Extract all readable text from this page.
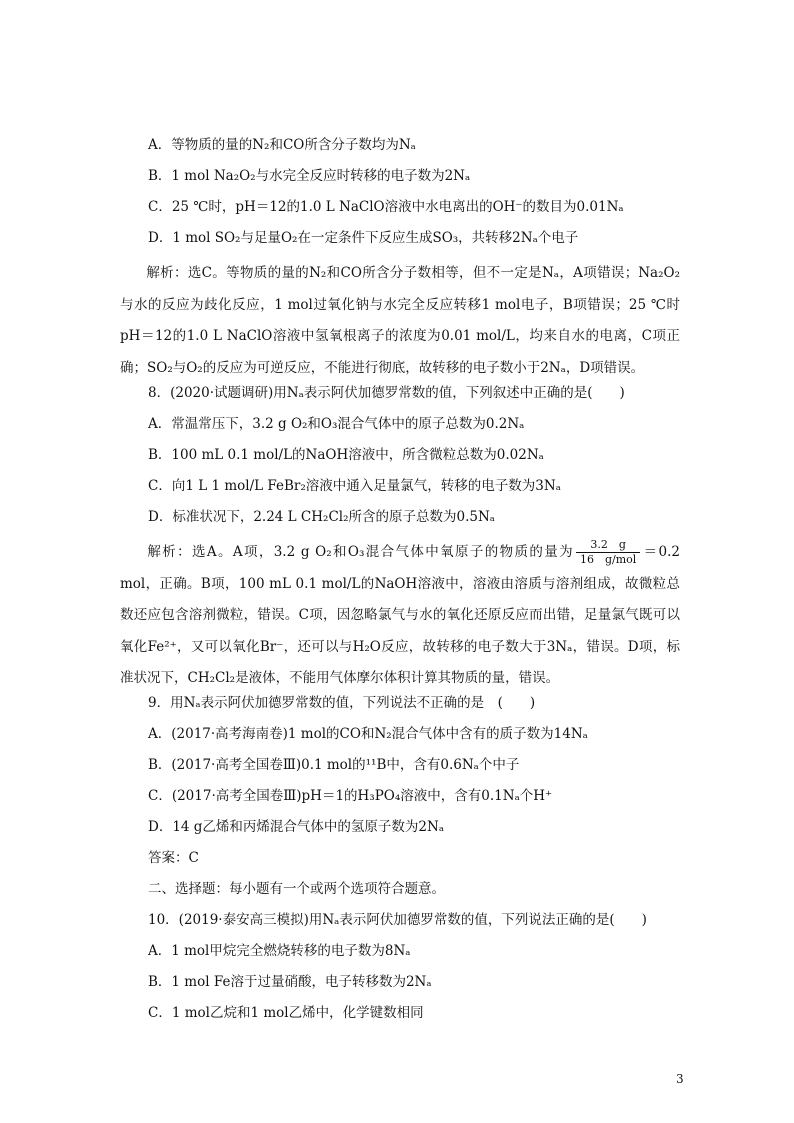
A．等物质的量的N₂和CO所含分子数均为Nₐ
B．1 mol Na₂O₂与水完全反应时转移的电子数为2Nₐ
C．25 ℃时，pH＝12的1.0 L NaClO溶液中水电离出的OH⁻的数目为0.01Nₐ
D．1 mol SO₂与足量O₂在一定条件下反应生成SO₃，共转移2Nₐ个电子
解析：选C。等物质的量的N₂和CO所含分子数相等，但不一定是Nₐ，A项错误；Na₂O₂与水的反应为歧化反应，1 mol过氧化钠与水完全反应转移1 mol电子，B项错误；25 ℃时pH＝12的1.0 L NaClO溶液中氢氧根离子的浓度为0.01 mol/L，均来自水的电离，C项正确；SO₂与O₂的反应为可逆反应，不能进行彻底，故转移的电子数小于2Nₐ，D项错误。
8．(2020·试题调研)用Nₐ表示阿伏加德罗常数的值，下列叙述中正确的是(　　)
A．常温常压下，3.2 g O₂和O₃混合气体中的原子总数为0.2Nₐ
B．100 mL 0.1 mol/L的NaOH溶液中，所含微粒总数为0.02Nₐ
C．向1 L 1 mol/L FeBr₂溶液中通入足量氯气，转移的电子数为3Nₐ
D．标准状况下，2.24 L CH₂Cl₂所含的原子总数为0.5Nₐ
解析：选A。A项，3.2 g O₂和O₃混合气体中氧原子的物质的量为 $\frac{3.2 g}{\text{16　g/mol}} =0.2$ mol，正确。B项，100 mL 0.1 mol/L的NaOH溶液中，溶液由溶质与溶剂组成，故微粒总数还应包含溶剂微粒，错误。C项，因忽略氯气与水的氧化还原反应而出错，足量氯气既可以氧化Fe²⁺，又可以氧化Br⁻，还可以与H₂O反应，故转移的电子数大于3Nₐ，错误。D项，标准状况下，CH₂Cl₂是液体，不能用气体摩尔体积计算其物质的量，错误。
9．用Nₐ表示阿伏加德罗常数的值，下列说法不正确的是　(　　)
A．(2017·高考海南卷)1 mol的CO和N₂混合气体中含有的质子数为14Nₐ
B．(2017·高考全国卷Ⅲ)0.1 mol的¹¹B中，含有0.6Nₐ个中子
C．(2017·高考全国卷Ⅲ)pH＝1的H₃PO₄溶液中，含有0.1Nₐ个H⁺
D．14 g乙烯和丙烯混合气体中的氢原子数为2Nₐ
答案：C
二、选择题：每小题有一个或两个选项符合题意。
10．(2019·泰安高三模拟)用Nₐ表示阿伏加德罗常数的值，下列说法正确的是(　　)
A．1 mol甲烷完全燃烧转移的电子数为8Nₐ
B．1 mol Fe溶于过量硝酸，电子转移数为2Nₐ
C．1 mol乙烷和1 mol乙烯中，化学键数相同
3
